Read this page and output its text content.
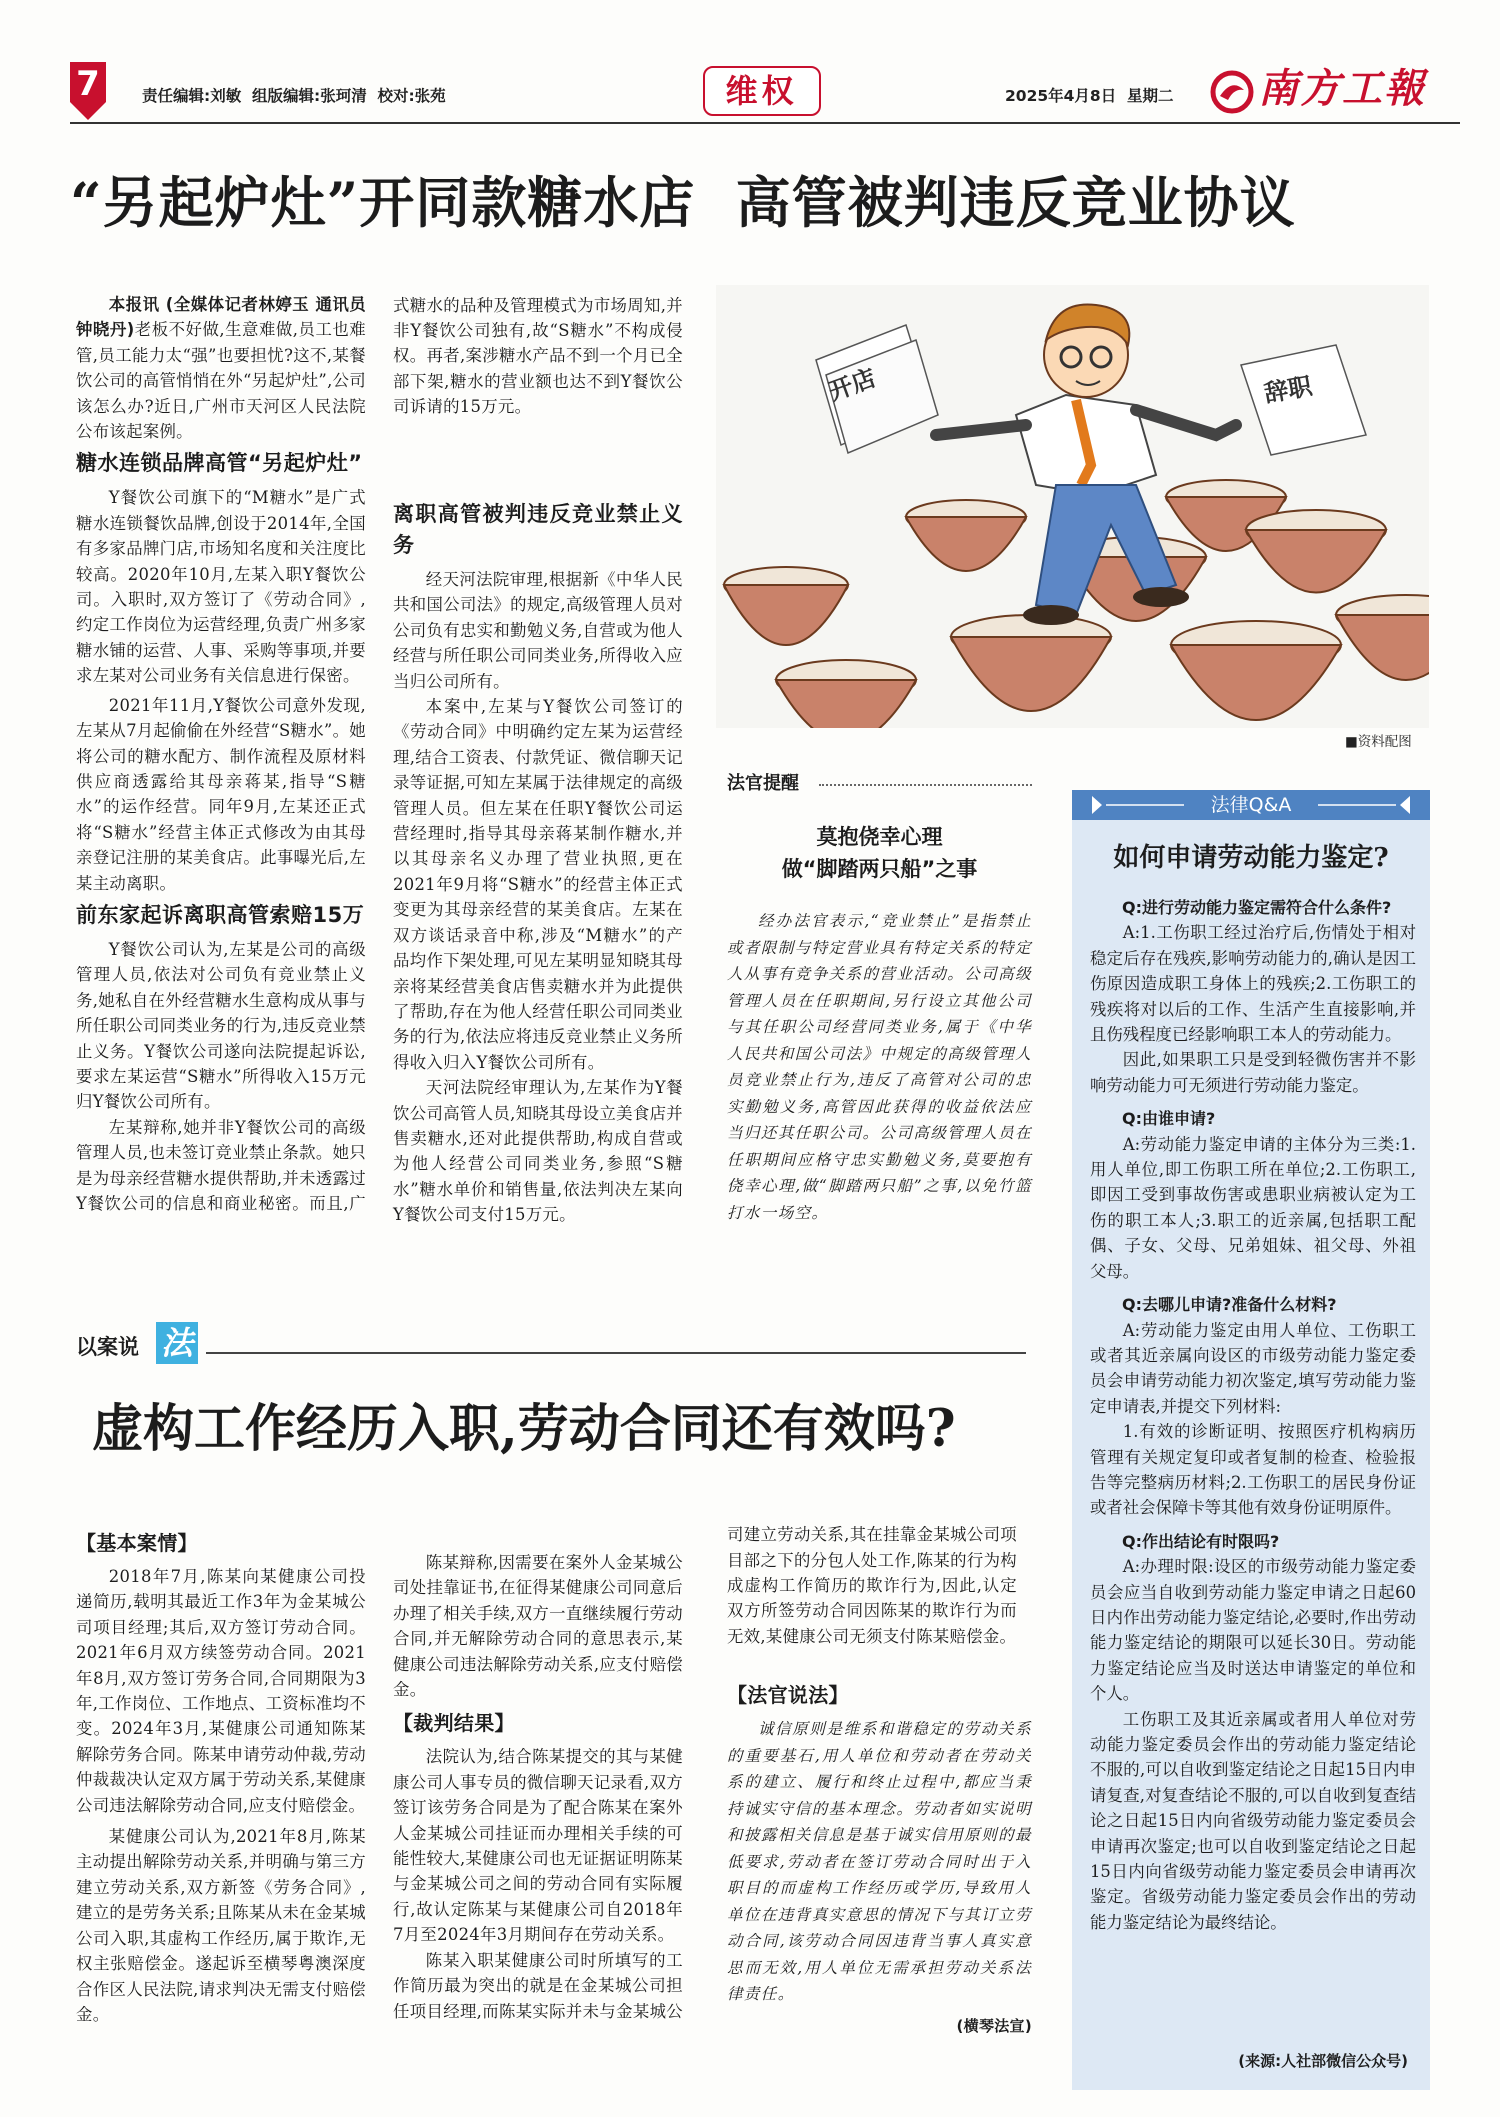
7	责任编辑:刘敏  组版编辑:张珂清  校对:张苑	维权	2025年4月8日  星期二 南方工報
“另起炉灶”开同款糖水店  高管被判违反竞业协议

本报讯 (全媒体记者林婷玉 通讯员钟晓丹)老板不好做,生意难做,员工也难管,员工能力太“强”也要担忧?这不,某餐饮公司的高管悄悄在外“另起炉灶”,公司该怎么办?近日,广州市天河区人民法院公布该起案例。

糖水连锁品牌高管“另起炉灶”

Y餐饮公司旗下的“M糖水”是广式糖水连锁餐饮品牌,创设于2014年,全国有多家品牌门店,市场知名度和关注度比较高。2020年10月,左某入职Y餐饮公司。入职时,双方签订了《劳动合同》,约定工作岗位为运营经理,负责广州多家糖水铺的运营、人事、采购等事项,并要求左某对公司业务有关信息进行保密。

2021年11月,Y餐饮公司意外发现,左某从7月起偷偷在外经营“S糖水”。她将公司的糖水配方、制作流程及原材料供应商透露给其母亲蒋某,指导“S糖水”的运作经营。同年9月,左某还正式将“S糖水”经营主体正式修改为由其母亲登记注册的某美食店。此事曝光后,左某主动离职。

前东家起诉离职高管索赔15万

Y餐饮公司认为,左某是公司的高级管理人员,依法对公司负有竞业禁止义务,她私自在外经营糖水生意构成从事与所任职公司同类业务的行为,违反竞业禁止义务。Y餐饮公司遂向法院提起诉讼,要求左某运营“S糖水”所得收入15万元归Y餐饮公司所有。

左某辩称,她并非Y餐饮公司的高级管理人员,也未签订竞业禁止条款。她只是为母亲经营糖水提供帮助,并未透露过Y餐饮公司的信息和商业秘密。而且,广

式糖水的品种及管理模式为市场周知,并非Y餐饮公司独有,故“S糖水”不构成侵权。再者,案涉糖水产品不到一个月已全部下架,糖水的营业额也达不到Y餐饮公司诉请的15万元。

离职高管被判违反竞业禁止义务

经天河法院审理,根据新《中华人民共和国公司法》的规定,高级管理人员对公司负有忠实和勤勉义务,自营或为他人经营与所任职公司同类业务,所得收入应当归公司所有。

本案中,左某与Y餐饮公司签订的《劳动合同》中明确约定左某为运营经理,结合工资表、付款凭证、微信聊天记录等证据,可知左某属于法律规定的高级管理人员。但左某在任职Y餐饮公司运营经理时,指导其母亲蒋某制作糖水,并以其母亲名义办理了营业执照,更在2021年9月将“S糖水”的经营主体正式变更为其母亲经营的某美食店。左某在双方谈话录音中称,涉及“M糖水”的产品均作下架处理,可见左某明显知晓其母亲将某经营美食店售卖糖水并为此提供了帮助,存在为他人经营任职公司同类业务的行为,依法应将违反竞业禁止义务所得收入归入Y餐饮公司所有。

天河法院经审理认为,左某作为Y餐饮公司高管人员,知晓其母设立美食店并售卖糖水,还对此提供帮助,构成自营或为他人经营公司同类业务,参照“S糖水”糖水单价和销售量,依法判决左某向Y餐饮公司支付15万元。

开店	辞职
■资料配图
法官提醒
莫抱侥幸心理
做“脚踏两只船”之事

经办法官表示,“竞业禁止”是指禁止或者限制与特定营业具有特定关系的特定人从事有竞争关系的营业活动。公司高级管理人员在任职期间,另行设立其他公司与其任职公司经营同类业务,属于《中华人民共和国公司法》中规定的高级管理人员竞业禁止行为,违反了高管对公司的忠实勤勉义务,高管因此获得的收益依法应当归还其任职公司。公司高级管理人员在任职期间应格守忠实勤勉义务,莫要抱有侥幸心理,做“脚踏两只船”之事,以免竹篮打水一场空。

法律Q&A
如何申请劳动能力鉴定?
Q:进行劳动能力鉴定需符合什么条件?

A:1.工伤职工经过治疗后,伤情处于相对稳定后存在残疾,影响劳动能力的,确认是因工伤原因造成职工身体上的残疾;2.工伤职工的残疾将对以后的工作、生活产生直接影响,并且伤残程度已经影响职工本人的劳动能力。

因此,如果职工只是受到轻微伤害并不影响劳动能力可无须进行劳动能力鉴定。

Q:由谁申请?

A:劳动能力鉴定申请的主体分为三类:1.用人单位,即工伤职工所在单位;2.工伤职工,即因工受到事故伤害或患职业病被认定为工伤的职工本人;3.职工的近亲属,包括职工配偶、子女、父母、兄弟姐妹、祖父母、外祖父母。

Q:去哪儿申请?准备什么材料?

A:劳动能力鉴定由用人单位、工伤职工或者其近亲属向设区的市级劳动能力鉴定委员会申请劳动能力初次鉴定,填写劳动能力鉴定申请表,并提交下列材料:

1.有效的诊断证明、按照医疗机构病历管理有关规定复印或者复制的检查、检验报告等完整病历材料;2.工伤职工的居民身份证或者社会保障卡等其他有效身份证明原件。

Q:作出结论有时限吗?

A:办理时限:设区的市级劳动能力鉴定委员会应当自收到劳动能力鉴定申请之日起60日内作出劳动能力鉴定结论,必要时,作出劳动能力鉴定结论的期限可以延长30日。劳动能力鉴定结论应当及时送达申请鉴定的单位和个人。

工伤职工及其近亲属或者用人单位对劳动能力鉴定委员会作出的劳动能力鉴定结论不服的,可以自收到鉴定结论之日起15日内申请复查,对复查结论不服的,可以自收到复查结论之日起15日内向省级劳动能力鉴定委员会申请再次鉴定;也可以自收到鉴定结论之日起15日内向省级劳动能力鉴定委员会申请再次鉴定。省级劳动能力鉴定委员会作出的劳动能力鉴定结论为最终结论。

(来源:人社部微信公众号)
以案说 法
虚构工作经历入职,劳动合同还有效吗?
【基本案情】

2018年7月,陈某向某健康公司投递简历,载明其最近工作3年为金某城公司项目经理;其后,双方签订劳动合同。2021年6月双方续签劳动合同。2021年8月,双方签订劳务合同,合同期限为3年,工作岗位、工作地点、工资标准均不变。2024年3月,某健康公司通知陈某解除劳务合同。陈某申请劳动仲裁,劳动仲裁裁决认定双方属于劳动关系,某健康公司违法解除劳动合同,应支付赔偿金。

某健康公司认为,2021年8月,陈某主动提出解除劳动关系,并明确与第三方建立劳动关系,双方新签《劳务合同》,建立的是劳务关系;且陈某从未在金某城公司入职,其虚构工作经历,属于欺诈,无权主张赔偿金。遂起诉至横琴粤澳深度合作区人民法院,请求判决无需支付赔偿金。

陈某辩称,因需要在案外人金某城公司处挂靠证书,在征得某健康公司同意后办理了相关手续,双方一直继续履行劳动合同,并无解除劳动合同的意思表示,某健康公司违法解除劳动关系,应支付赔偿金。

【裁判结果】

法院认为,结合陈某提交的其与某健康公司人事专员的微信聊天记录看,双方签订该劳务合同是为了配合陈某在案外人金某城公司挂证而办理相关手续的可能性较大,某健康公司也无证据证明陈某与金某城公司之间的劳动合同有实际履行,故认定陈某与某健康公司自2018年7月至2024年3月期间存在劳动关系。

陈某入职某健康公司时所填写的工作简历最为突出的就是在金某城公司担任项目经理,而陈某实际并未与金某城公

司建立劳动关系,其在挂靠金某城公司项目部之下的分包人处工作,陈某的行为构成虚构工作简历的欺诈行为,因此,认定双方所签劳动合同因陈某的欺诈行为而无效,某健康公司无须支付陈某赔偿金。

【法官说法】

诚信原则是维系和谐稳定的劳动关系的重要基石,用人单位和劳动者在劳动关系的建立、履行和终止过程中,都应当秉持诚实守信的基本理念。劳动者如实说明和披露相关信息是基于诚实信用原则的最低要求,劳动者在签订劳动合同时出于入职目的而虚构工作经历或学历,导致用人单位在违背真实意思的情况下与其订立劳动合同,该劳动合同因违背当事人真实意思而无效,用人单位无需承担劳动关系法律责任。

(横琴法宣)
